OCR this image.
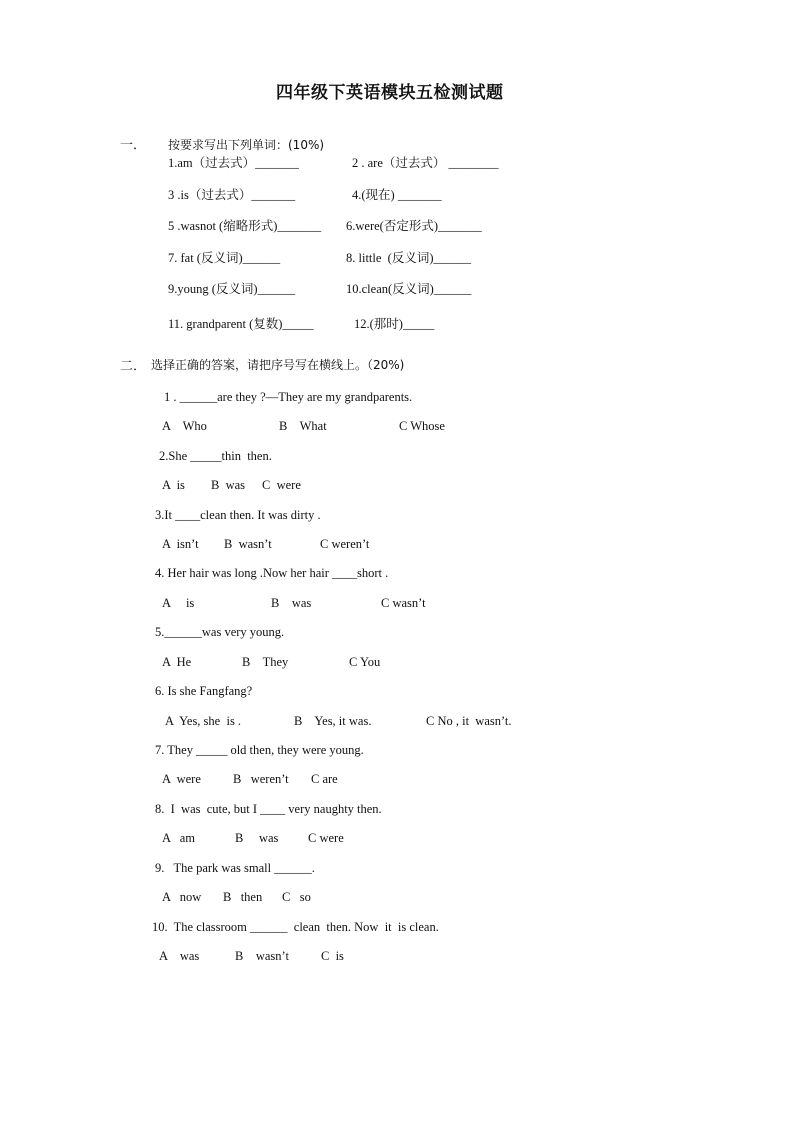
四年级下英语模块五检测试题
一． 按要求写出下列单词：(10%)
1.am（过去式）_______	2 . are（过去式） ________
3 .is（过去式）_______	4.(现在) _______
5 .wasnot (缩略形式)_______ 6.were(否定形式)_______
7. fat (反义词)______	8. little  (反义词)______
9.young (反义词)______	10.clean(反义词)______
11. grandparent (复数)_____	12.(那时)_____
二． 选择正确的答案，请把序号写在横线上。（20%)
1 . ______are they ?—They are my grandparents.
A    Who	B    What	C Whose
2.She _____thin  then.
A  is B  was C  were
3.It ____clean then. It was dirty .
A  isn’t B  wasn’t	C weren’t
4. Her hair was long .Now her hair ____short .
A     is	B    was	C wasn’t
5.______was very young.
A  He	B    They	C You
6. Is she Fangfang?
A  Yes, she  is .	B    Yes, it was.	C No , it  wasn’t.
7. They _____ old then, they were young.
A  were	B   weren’t C are
8.  I  was  cute, but I ____ very naughty then.
A   am	B     was C were
9.   The park was small ______.
A   now B   then C   so
10.  The classroom ______  clean  then. Now  it  is clean.
A    was	B    wasn’t	C  is
